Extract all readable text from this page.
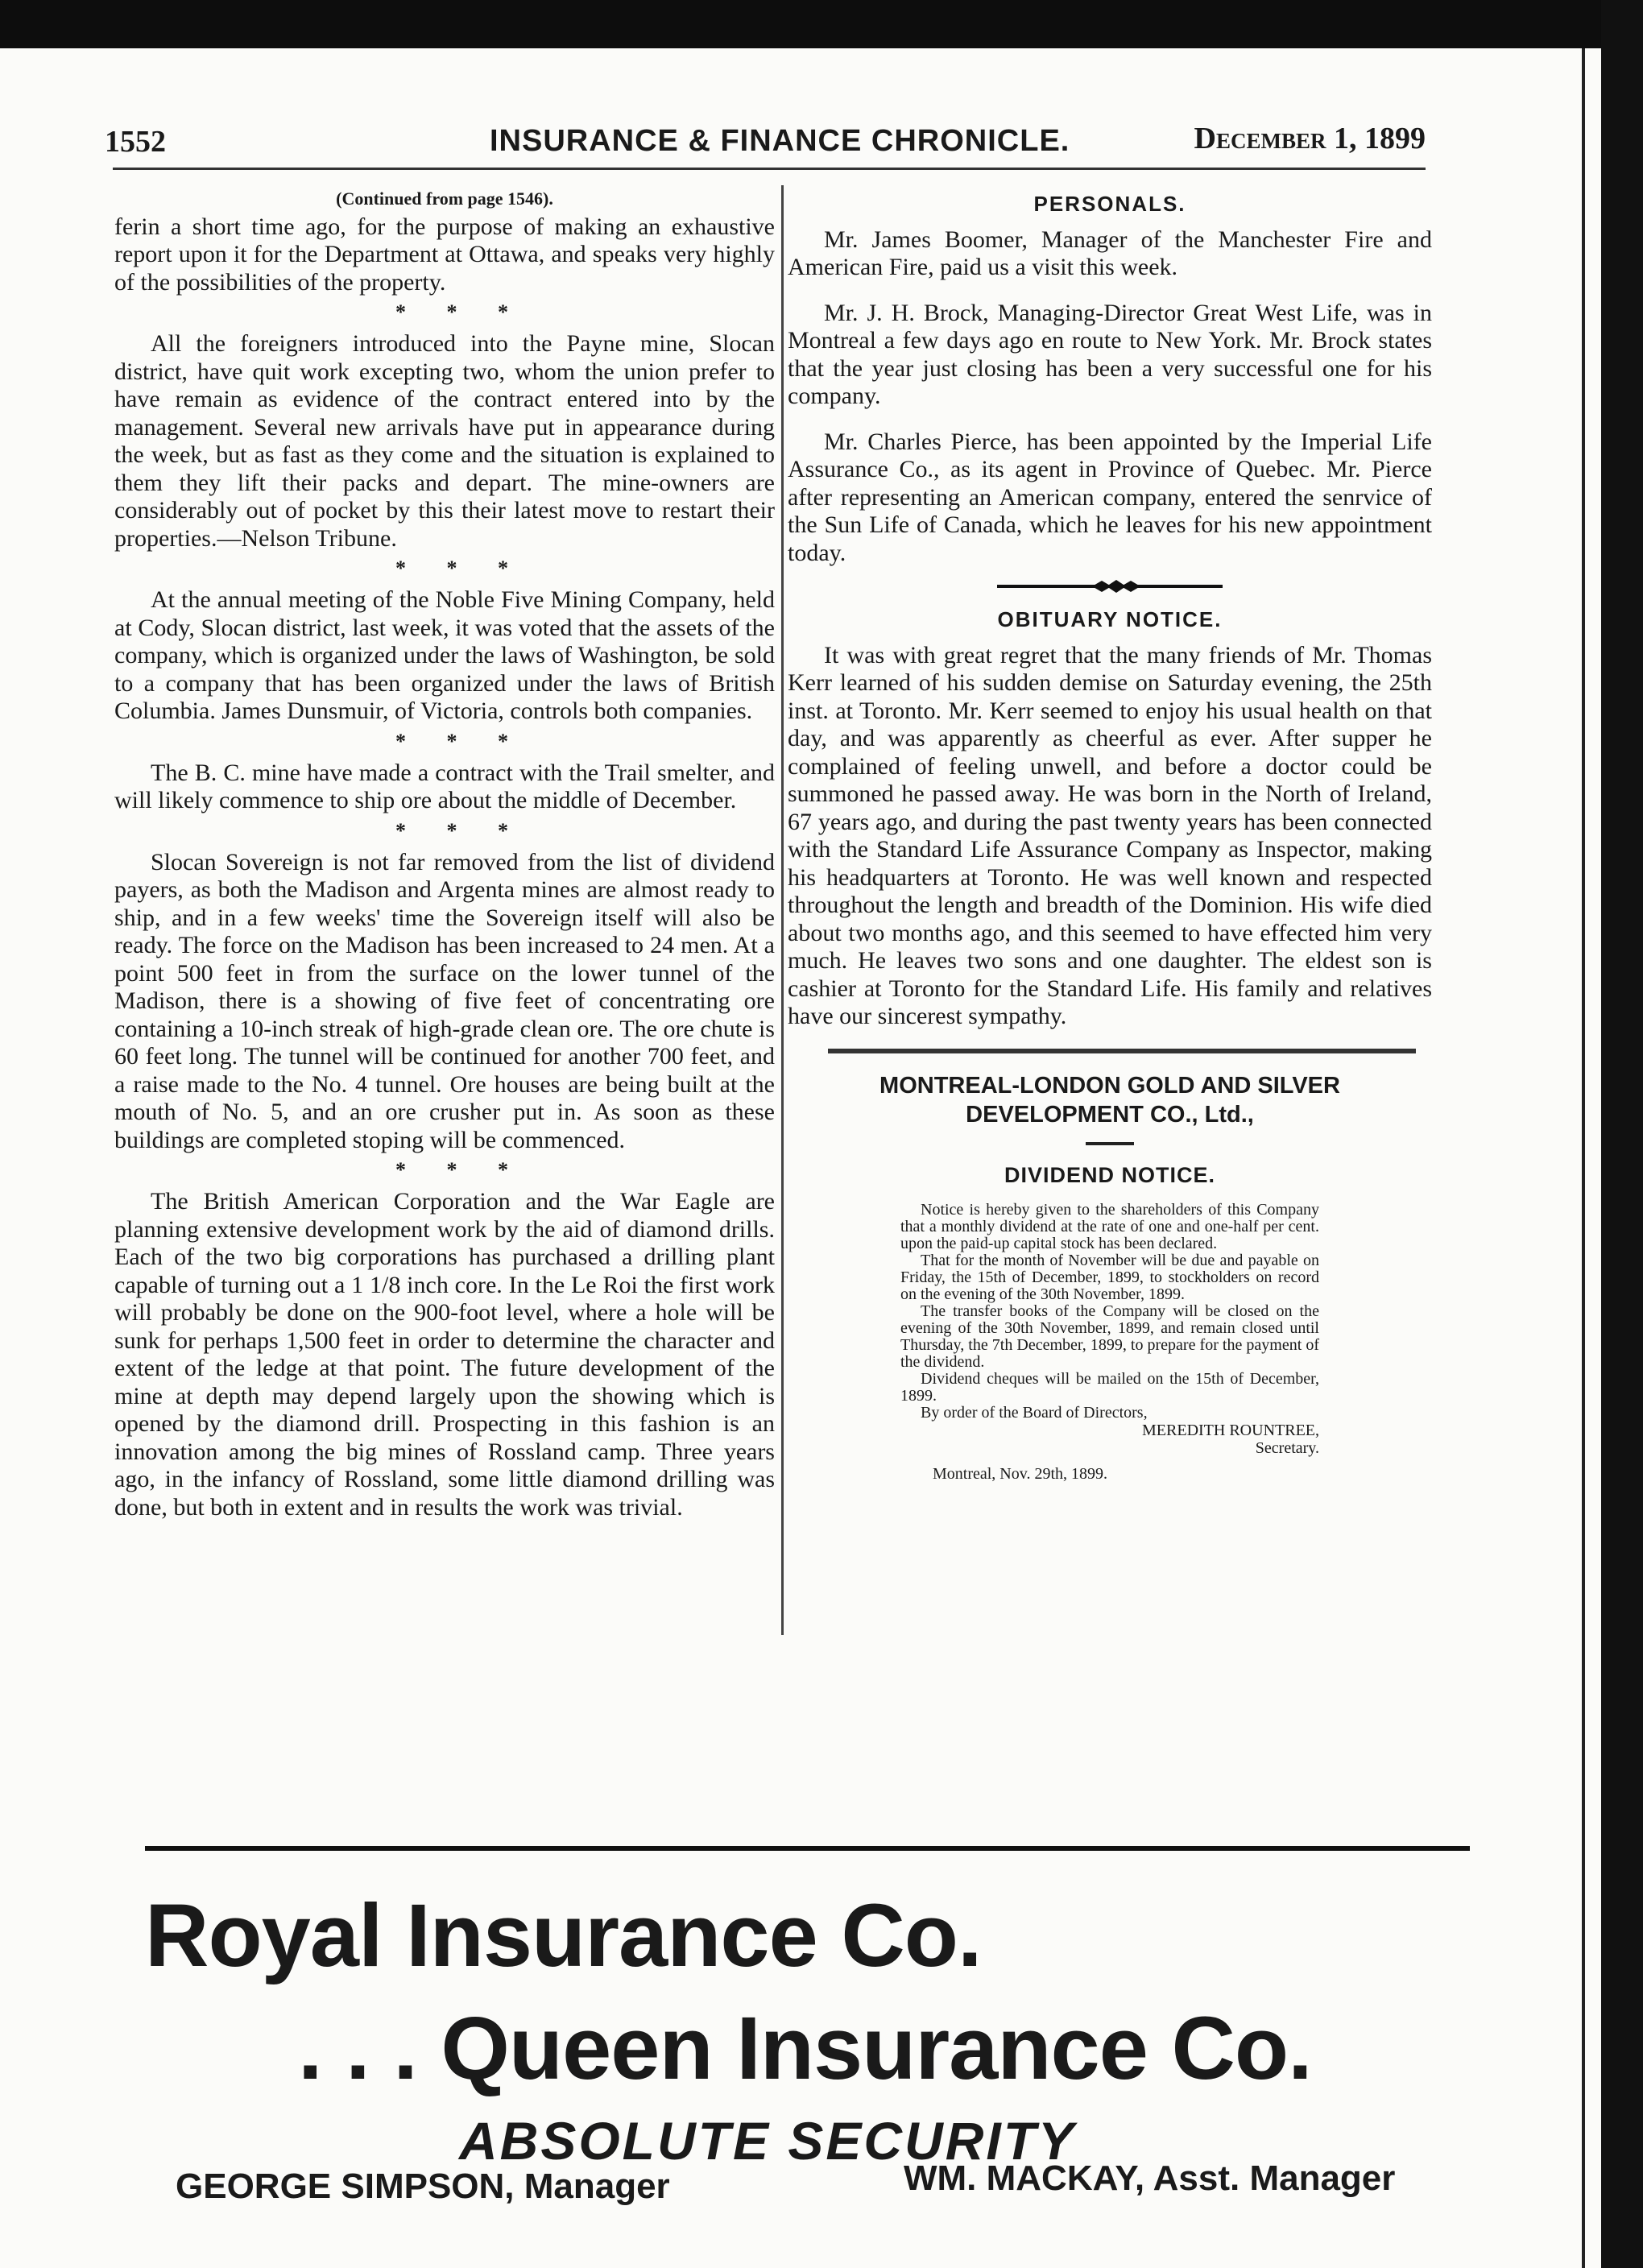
1552	INSURANCE & FINANCE CHRONICLE.	December 1, 1899

(Continued from page 1546).

ferin a short time ago, for the purpose of making an exhaustive report upon it for the Department at Ottawa, and speaks very highly of the possibilities of the property.

* * *

All the foreigners introduced into the Payne mine, Slocan district, have quit work excepting two, whom the union prefer to have remain as evidence of the contract entered into by the management. Several new arrivals have put in appearance during the week, but as fast as they come and the situation is explained to them they lift their packs and depart. The mine-owners are considerably out of pocket by this their latest move to restart their properties.—Nelson Tribune.

* * *

At the annual meeting of the Noble Five Mining Company, held at Cody, Slocan district, last week, it was voted that the assets of the company, which is organized under the laws of Washington, be sold to a company that has been organized under the laws of British Columbia. James Dunsmuir, of Victoria, controls both companies.

* * *

The B. C. mine have made a contract with the Trail smelter, and will likely commence to ship ore about the middle of December.

* * *

Slocan Sovereign is not far removed from the list of dividend payers, as both the Madison and Argenta mines are almost ready to ship, and in a few weeks' time the Sovereign itself will also be ready. The force on the Madison has been increased to 24 men. At a point 500 feet in from the surface on the lower tunnel of the Madison, there is a showing of five feet of concentrating ore containing a 10-inch streak of high-grade clean ore. The ore chute is 60 feet long. The tunnel will be continued for another 700 feet, and a raise made to the No. 4 tunnel. Ore houses are being built at the mouth of No. 5, and an ore crusher put in. As soon as these buildings are completed stoping will be commenced.

* * *

The British American Corporation and the War Eagle are planning extensive development work by the aid of diamond drills. Each of the two big corporations has purchased a drilling plant capable of turning out a 1 1/8 inch core. In the Le Roi the first work will probably be done on the 900-foot level, where a hole will be sunk for perhaps 1,500 feet in order to determine the character and extent of the ledge at that point. The future development of the mine at depth may depend largely upon the showing which is opened by the diamond drill. Prospecting in this fashion is an innovation among the big mines of Rossland camp. Three years ago, in the infancy of Rossland, some little diamond drilling was done, but both in extent and in results the work was trivial.

PERSONALS.

Mr. James Boomer, Manager of the Manchester Fire and American Fire, paid us a visit this week.

Mr. J. H. Brock, Managing-Director Great West Life, was in Montreal a few days ago en route to New York. Mr. Brock states that the year just closing has been a very successful one for his company.

Mr. Charles Pierce, has been appointed by the Imperial Life Assurance Co., as its agent in Province of Quebec. Mr. Pierce after representing an American company, entered the senrvice of the Sun Life of Canada, which he leaves for his new appointment today.

OBITUARY NOTICE.

It was with great regret that the many friends of Mr. Thomas Kerr learned of his sudden demise on Saturday evening, the 25th inst. at Toronto. Mr. Kerr seemed to enjoy his usual health on that day, and was apparently as cheerful as ever. After supper he complained of feeling unwell, and before a doctor could be summoned he passed away. He was born in the North of Ireland, 67 years ago, and during the past twenty years has been connected with the Standard Life Assurance Company as Inspector, making his headquarters at Toronto. He was well known and respected throughout the length and breadth of the Dominion. His wife died about two months ago, and this seemed to have effected him very much. He leaves two sons and one daughter. The eldest son is cashier at Toronto for the Standard Life. His family and relatives have our sincerest sympathy.

MONTREAL-LONDON GOLD AND SILVER
DEVELOPMENT CO., Ltd.,
DIVIDEND NOTICE.

Notice is hereby given to the shareholders of this Company that a monthly dividend at the rate of one and one-half per cent. upon the paid-up capital stock has been declared.

That for the month of November will be due and payable on Friday, the 15th of December, 1899, to stockholders on record on the evening of the 30th November, 1899.

The transfer books of the Company will be closed on the evening of the 30th November, 1899, and remain closed until Thursday, the 7th December, 1899, to prepare for the payment of the dividend.

Dividend cheques will be mailed on the 15th of December, 1899.

By order of the Board of Directors,

MEREDITH ROUNTREE,
Secretary.
Montreal, Nov. 29th, 1899.
Royal Insurance Co.
. . . Queen Insurance Co.
ABSOLUTE SECURITY
GEORGE SIMPSON, Manager	WM. MACKAY, Asst. Manager
